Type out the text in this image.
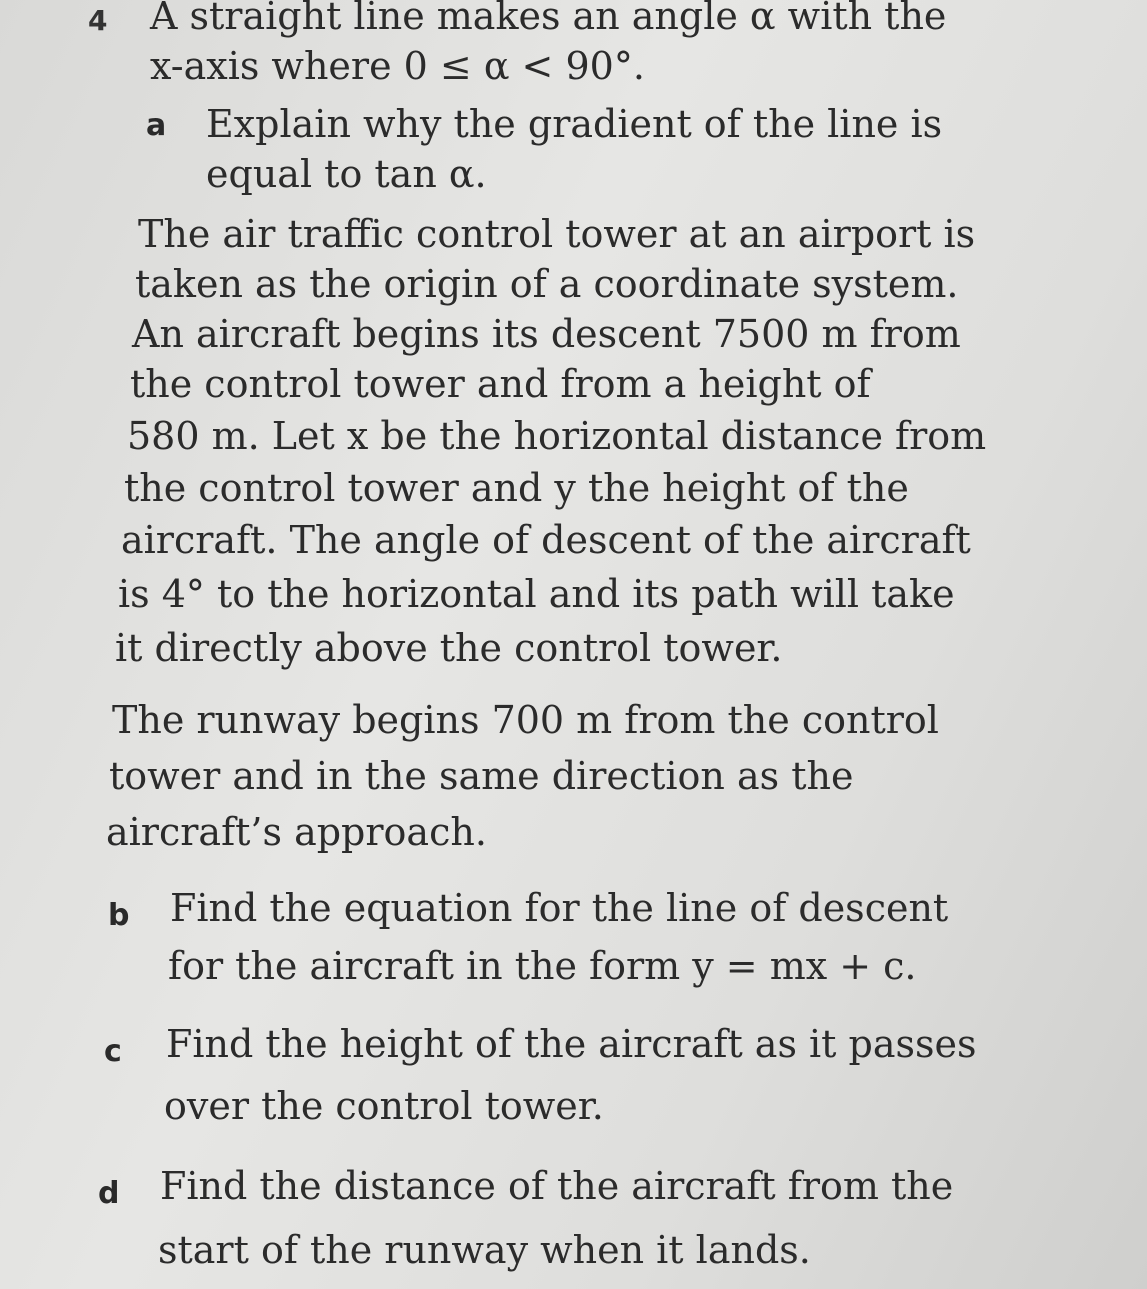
4 A straight line makes an angle α with the
x-axis where 0 ≤ α < 90°.
a Explain why the gradient of the line is
equal to tan α.
The air traffic control tower at an airport is
taken as the origin of a coordinate system.
An aircraft begins its descent 7500 m from
the control tower and from a height of
580 m. Let x be the horizontal distance from
the control tower and y the height of the
aircraft. The angle of descent of the aircraft
is 4° to the horizontal and its path will take
it directly above the control tower.
The runway begins 700 m from the control
tower and in the same direction as the
aircraft’s approach.
b Find the equation for the line of descent
for the aircraft in the form y = mx + c.
c Find the height of the aircraft as it passes
over the control tower.
d Find the distance of the aircraft from the
start of the runway when it lands.
